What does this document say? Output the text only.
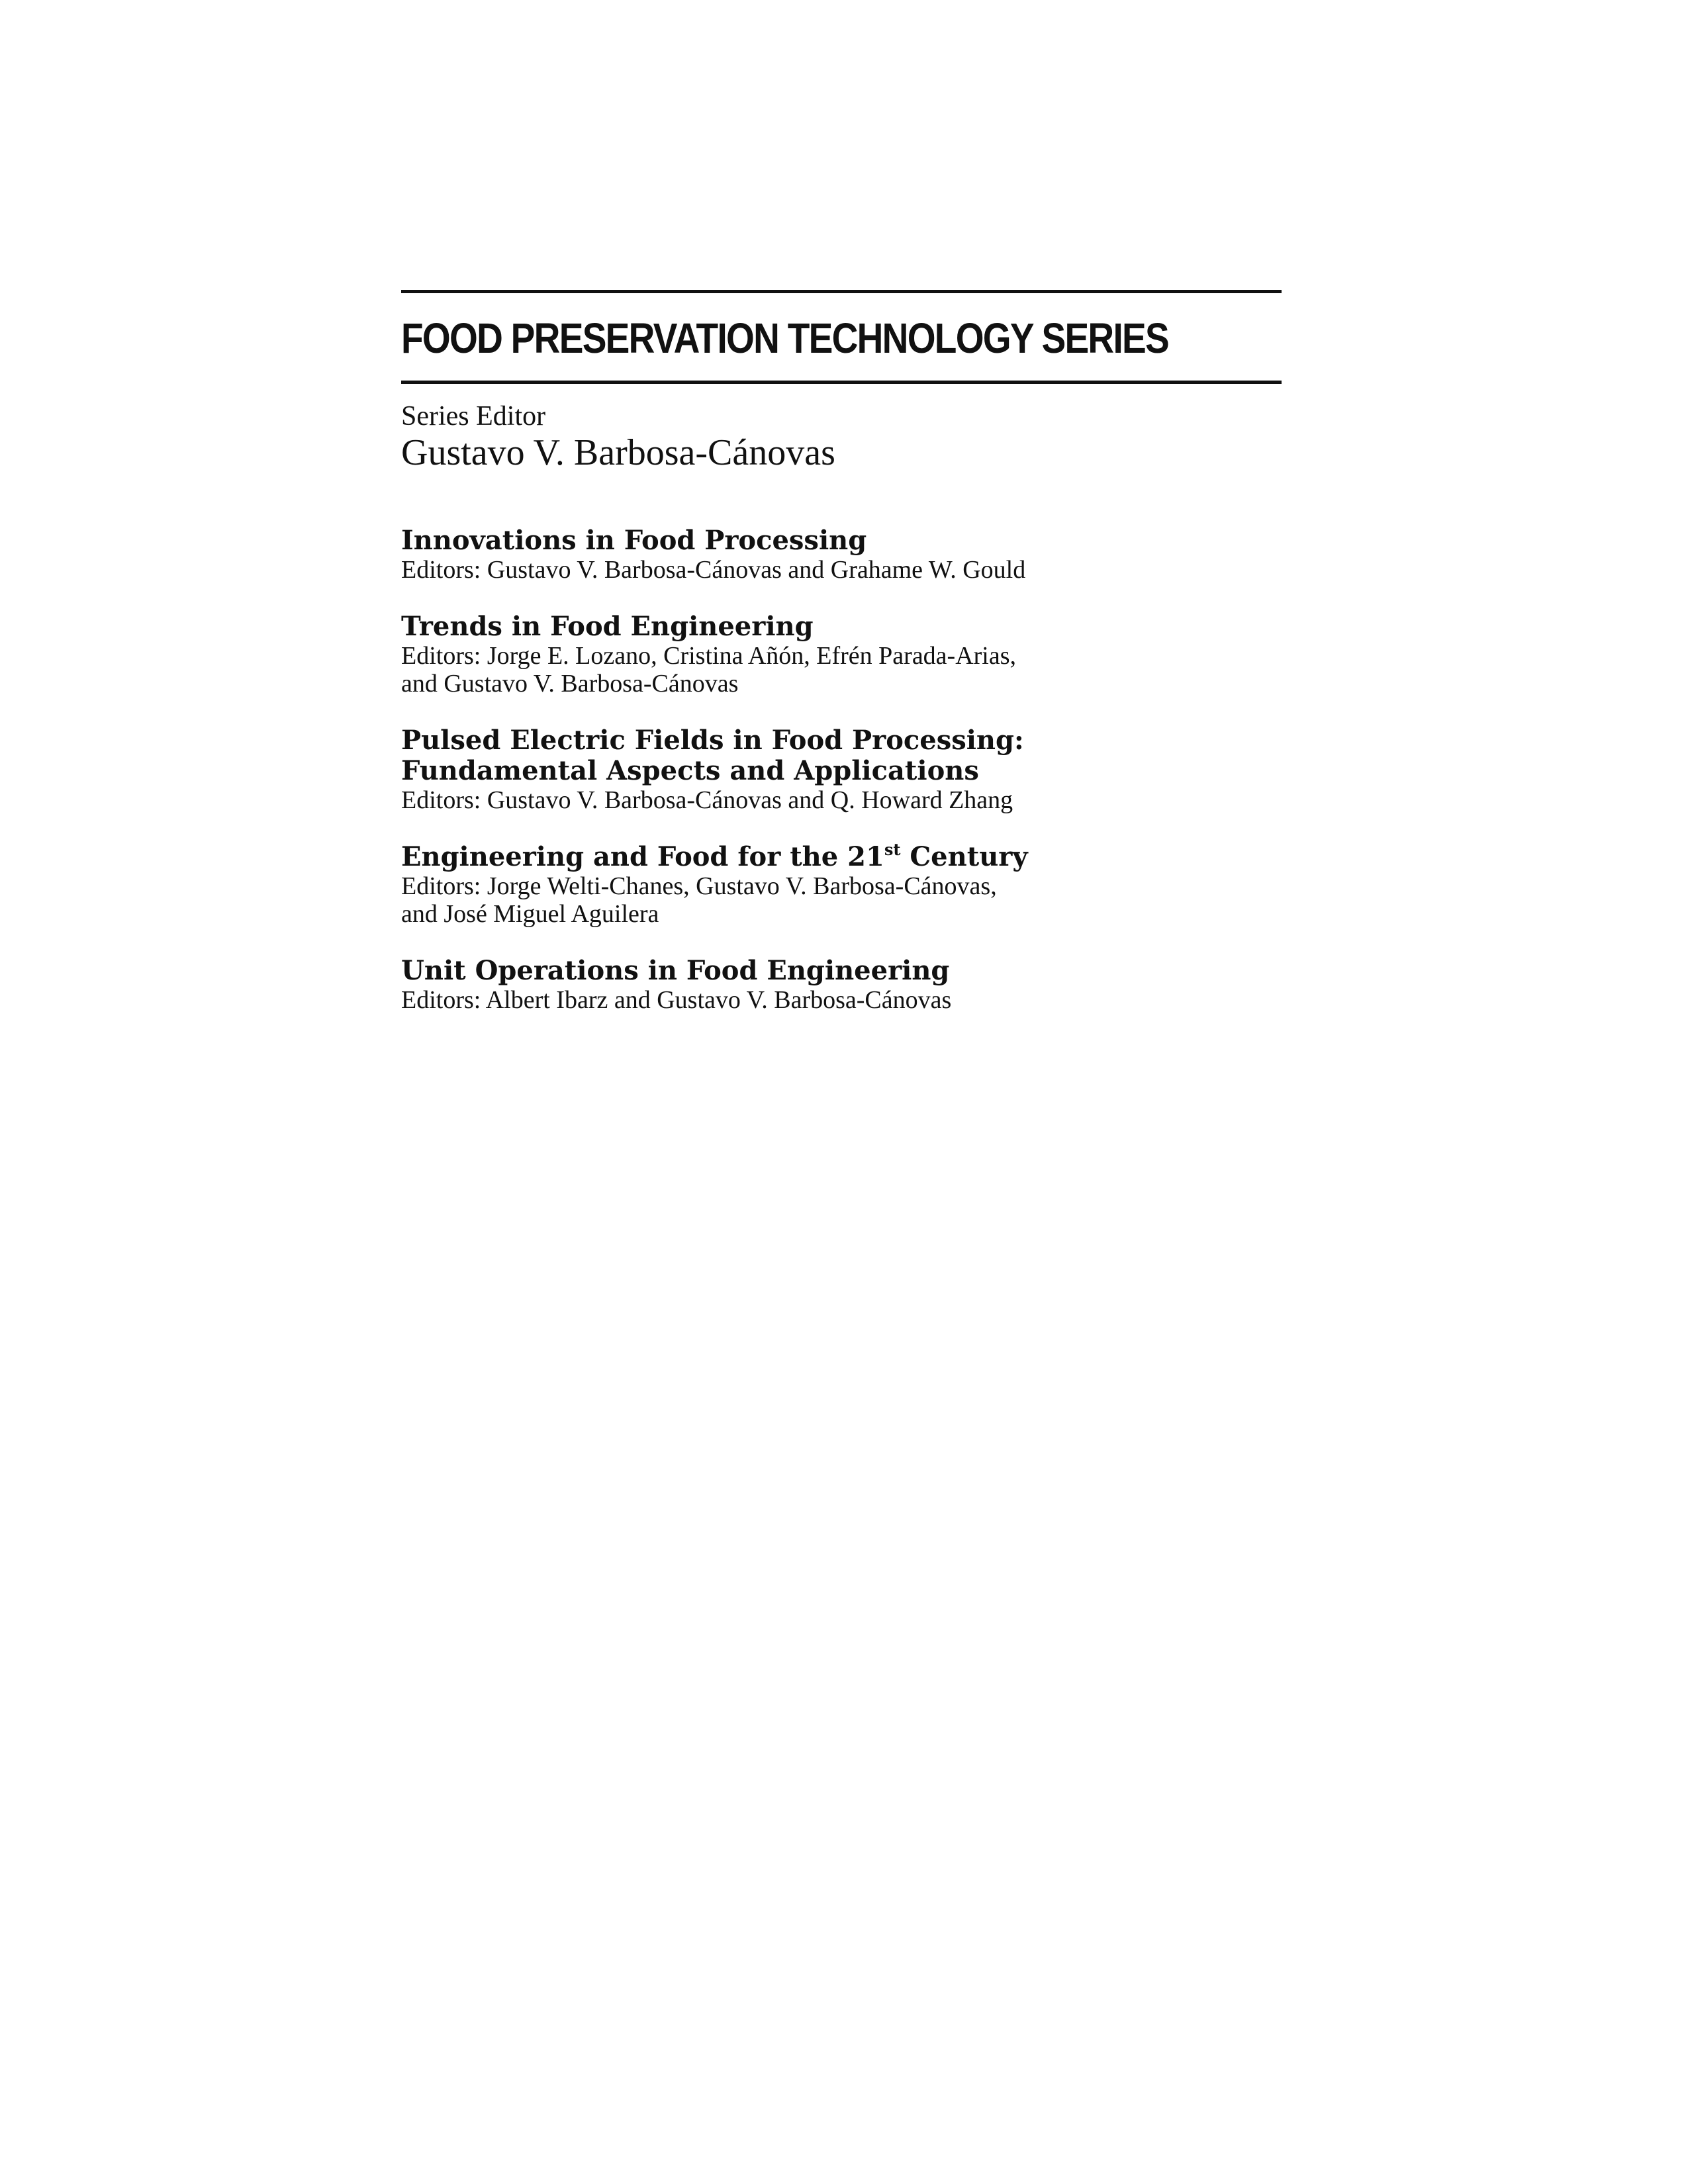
FOOD PRESERVATION TECHNOLOGY SERIES
Series Editor
Gustavo V. Barbosa-Cánovas
Innovations in Food Processing
Editors: Gustavo V. Barbosa-Cánovas and Grahame W. Gould
Trends in Food Engineering
Editors: Jorge E. Lozano, Cristina Añón, Efrén Parada-Arias,
and Gustavo V. Barbosa-Cánovas
Pulsed Electric Fields in Food Processing:
Fundamental Aspects and Applications
Editors: Gustavo V. Barbosa-Cánovas and Q. Howard Zhang
Engineering and Food for the 21st Century
Editors: Jorge Welti-Chanes, Gustavo V. Barbosa-Cánovas,
and José Miguel Aguilera
Unit Operations in Food Engineering
Editors: Albert Ibarz and Gustavo V. Barbosa-Cánovas
